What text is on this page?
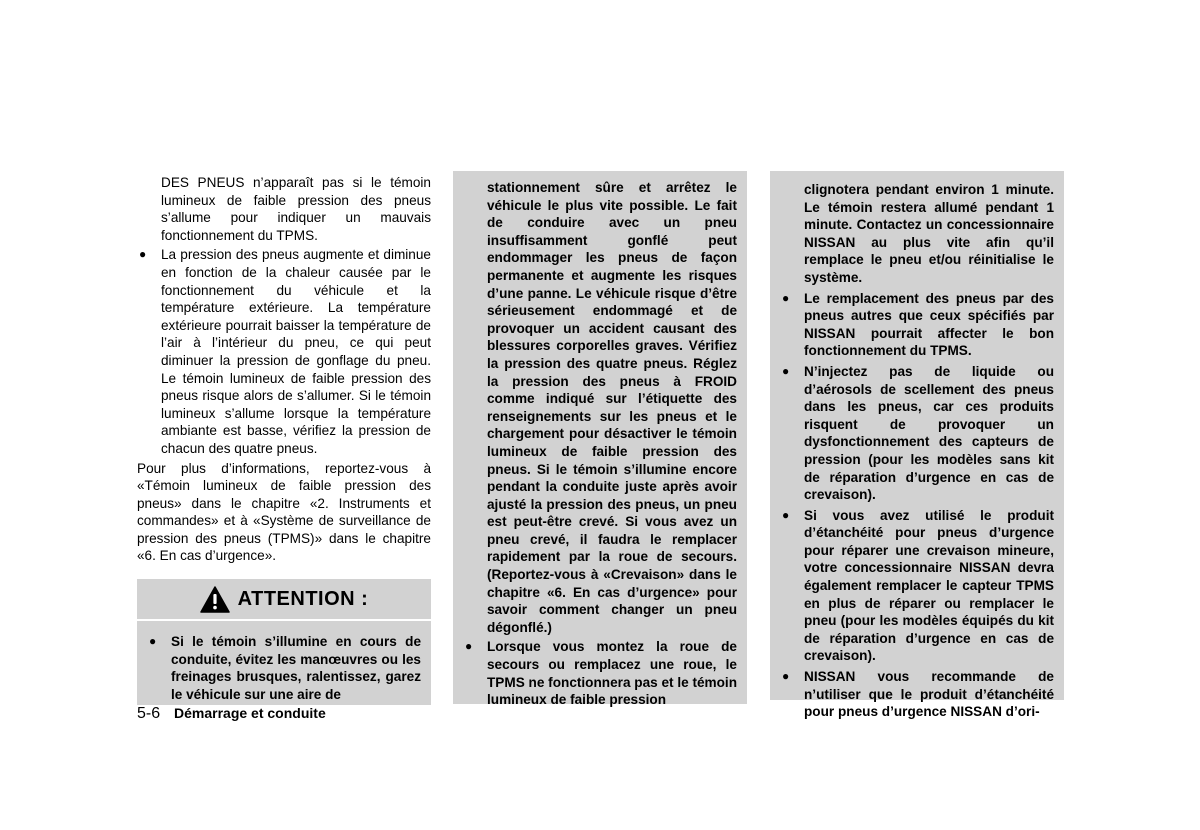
DES PNEUS n’apparaît pas si le témoin lumineux de faible pression des pneus s’allume pour indiquer un mauvais fonctionnement du TPMS.

● La pression des pneus augmente et diminue en fonction de la chaleur causée par le fonctionnement du véhicule et la température extérieure. La température extérieure pourrait baisser la température de l’air à l’intérieur du pneu, ce qui peut diminuer la pression de gonflage du pneu. Le témoin lumineux de faible pression des pneus risque alors de s’allumer. Si le témoin lumineux s’allume lorsque la température ambiante est basse, vérifiez la pression de chacun des quatre pneus.

Pour plus d’informations, reportez-vous à «Témoin lumineux de faible pression des pneus» dans le chapitre «2. Instruments et commandes» et à «Système de surveillance de pression des pneus (TPMS)» dans le chapitre «6. En cas d’urgence».

ATTENTION :
● Si le témoin s’illumine en cours de conduite, évitez les manœuvres ou les freinages brusques, ralentissez, garez le véhicule sur une aire de

stationnement sûre et arrêtez le véhicule le plus vite possible. Le fait de conduire avec un pneu insuffisamment gonflé peut endommager les pneus de façon permanente et augmente les risques d’une panne. Le véhicule risque d’être sérieusement endommagé et de provoquer un accident causant des blessures corporelles graves. Vérifiez la pression des quatre pneus. Réglez la pression des pneus à FROID comme indiqué sur l’étiquette des renseignements sur les pneus et le chargement pour désactiver le témoin lumineux de faible pression des pneus. Si le témoin s’illumine encore pendant la conduite juste après avoir ajusté la pression des pneus, un pneu est peut-être crevé. Si vous avez un pneu crevé, il faudra le remplacer rapidement par la roue de secours. (Reportez-vous à «Crevaison» dans le chapitre «6. En cas d’urgence» pour savoir comment changer un pneu dégonflé.)

● Lorsque vous montez la roue de secours ou remplacez une roue, le TPMS ne fonctionnera pas et le témoin lumineux de faible pression

clignotera pendant environ 1 minute. Le témoin restera allumé pendant 1 minute. Contactez un concessionnaire NISSAN au plus vite afin qu’il remplace le pneu et/ou réinitialise le système.

● Le remplacement des pneus par des pneus autres que ceux spécifiés par NISSAN pourrait affecter le bon fonctionnement du TPMS.

● N’injectez pas de liquide ou d’aérosols de scellement des pneus dans les pneus, car ces produits risquent de provoquer un dysfonctionnement des capteurs de pression (pour les modèles sans kit de réparation d’urgence en cas de crevaison).

● Si vous avez utilisé le produit d’étanchéité pour pneus d’urgence pour réparer une crevaison mineure, votre concessionnaire NISSAN devra également remplacer le capteur TPMS en plus de réparer ou remplacer le pneu (pour les modèles équipés du kit de réparation d’urgence en cas de crevaison).

● NISSAN vous recommande de n’utiliser que le produit d’étanchéité pour pneus d’urgence NISSAN d’ori-

5-6 Démarrage et conduite
